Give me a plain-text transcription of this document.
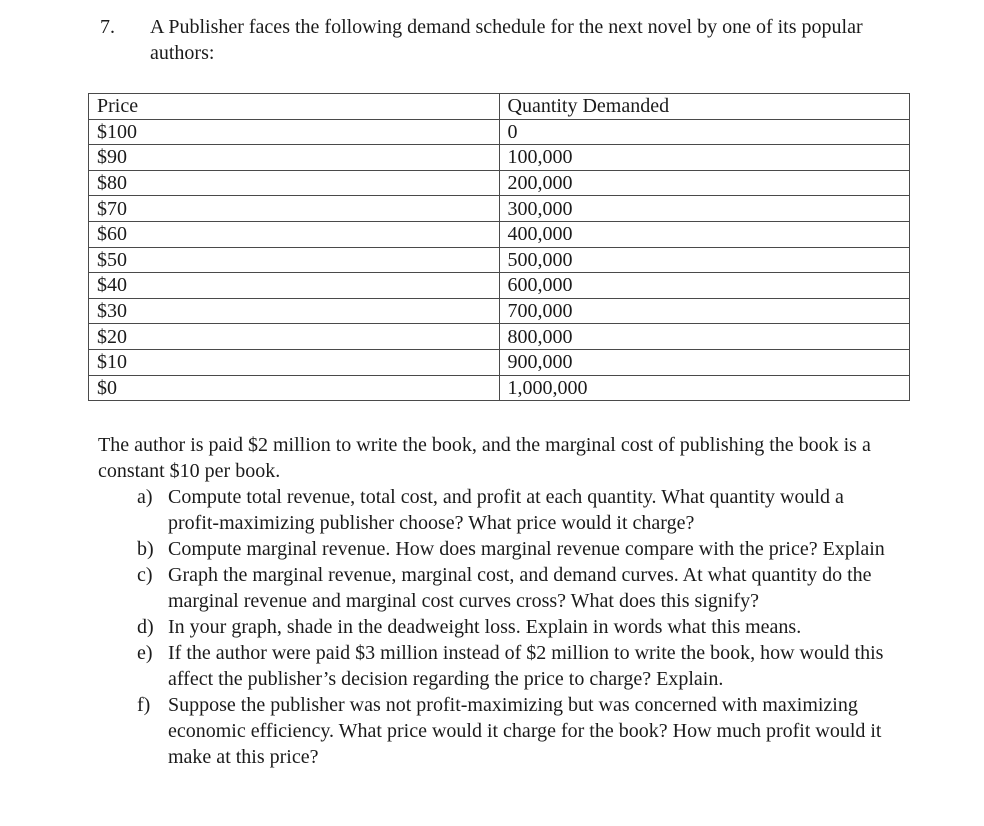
7.	A Publisher faces the following demand schedule for the next novel by one of its popular authors:
Price	Quantity Demanded
$100	0
$90	100,000
$80	200,000
$70	300,000
$60	400,000
$50	500,000
$40	600,000
$30	700,000
$20	800,000
$10	900,000
$0	1,000,000
The author is paid $2 million to write the book, and the marginal cost of publishing the book is a constant $10 per book.
a) Compute total revenue, total cost, and profit at each quantity. What quantity would a profit-maximizing publisher choose? What price would it charge?
b) Compute marginal revenue. How does marginal revenue compare with the price? Explain
c) Graph the marginal revenue, marginal cost, and demand curves. At what quantity do the marginal revenue and marginal cost curves cross? What does this signify?
d) In your graph, shade in the deadweight loss. Explain in words what this means.
e) If the author were paid $3 million instead of $2 million to write the book, how would this affect the publisher’s decision regarding the price to charge? Explain.
f) Suppose the publisher was not profit-maximizing but was concerned with maximizing economic efficiency. What price would it charge for the book? How much profit would it make at this price?
